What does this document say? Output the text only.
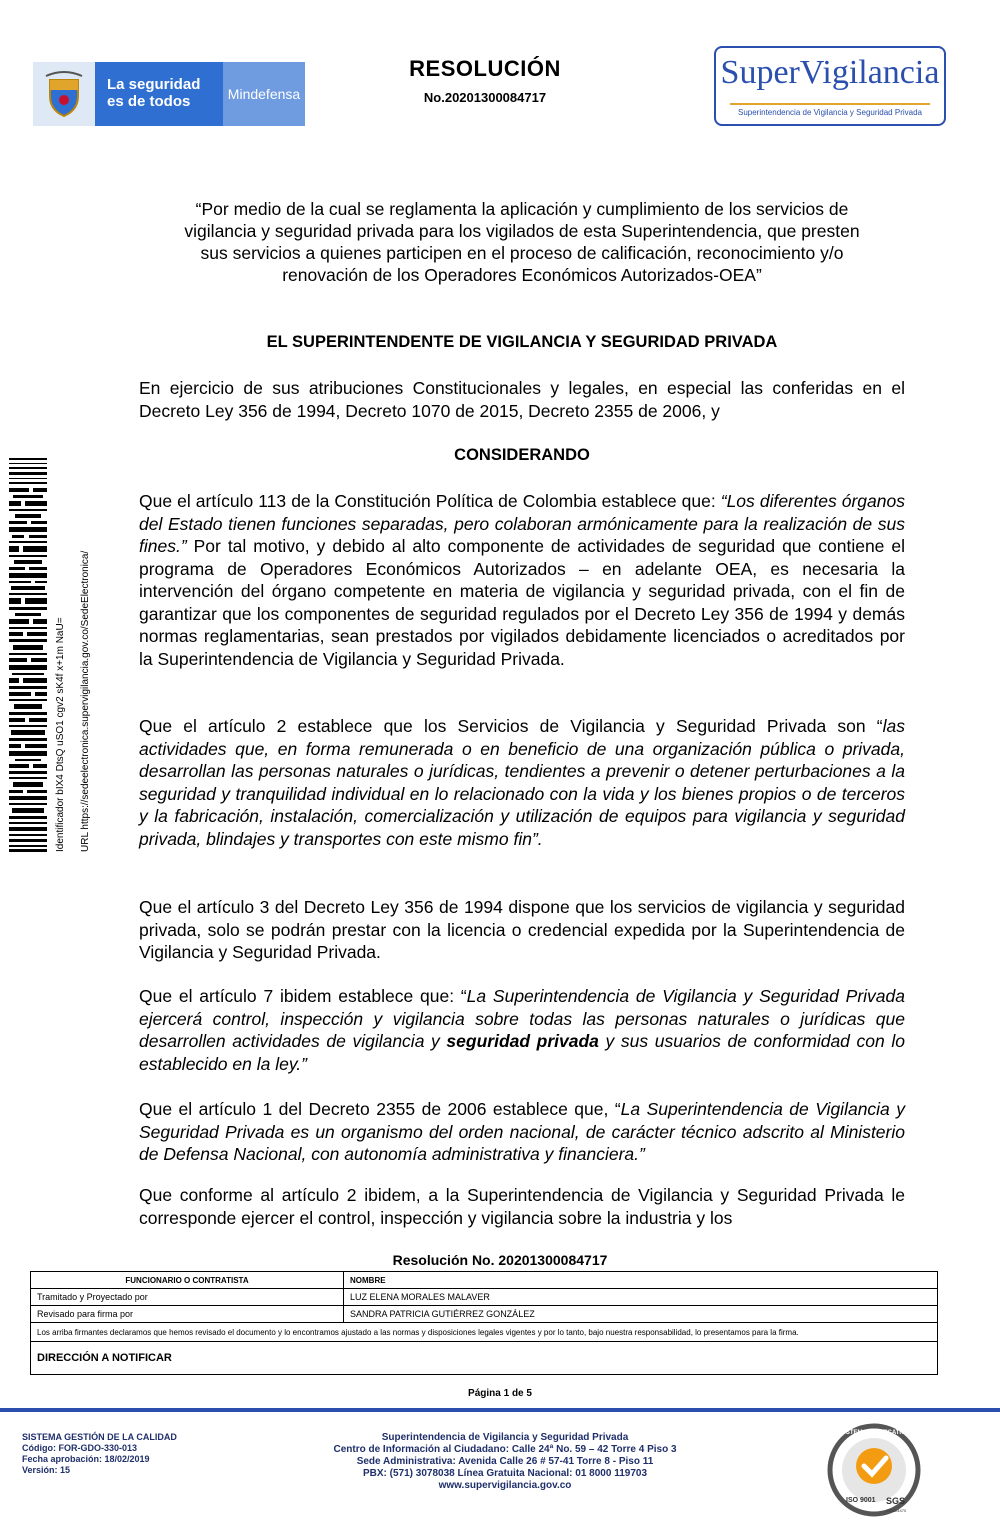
La seguridad
es de todos	Mindefensa
RESOLUCIÓN
No.20201300084717
SuperVigilancia
Superintendencia de Vigilancia y Seguridad Privada
Identificador bIX4 DtsQ uSO1 cgv2 sK4f x+1m NaU= URL https://sedeelectronica.supervigilancia.gov.co/SedeElectronica/
“Por medio de la cual se reglamenta la aplicación y cumplimiento de los servicios de
vigilancia y seguridad privada para los vigilados de esta Superintendencia, que presten
sus servicios a quienes participen en el proceso de calificación, reconocimiento y/o
renovación de los Operadores Económicos Autorizados-OEA”
EL SUPERINTENDENTE DE VIGILANCIA Y SEGURIDAD PRIVADA
En ejercicio de sus atribuciones Constitucionales y legales, en especial las conferidas en el Decreto Ley 356 de 1994, Decreto 1070 de 2015, Decreto 2355 de 2006, y
CONSIDERANDO
Que el artículo 113 de la Constitución Política de Colombia establece que: “Los diferentes órganos del Estado tienen funciones separadas, pero colaboran armónicamente para la realización de sus fines.” Por tal motivo, y debido al alto componente de actividades de seguridad que contiene el programa de Operadores Económicos Autorizados – en adelante OEA, es necesaria la intervención del órgano competente en materia de vigilancia y seguridad privada, con el fin de garantizar que los componentes de seguridad regulados por el Decreto Ley 356 de 1994 y demás normas reglamentarias, sean prestados por vigilados debidamente licenciados o acreditados por la Superintendencia de Vigilancia y Seguridad Privada.
Que el artículo 2 establece que los Servicios de Vigilancia y Seguridad Privada son “las actividades que, en forma remunerada o en beneficio de una organización pública o privada, desarrollan las personas naturales o jurídicas, tendientes a prevenir o detener perturbaciones a la seguridad y tranquilidad individual en lo relacionado con la vida y los bienes propios o de terceros y la fabricación, instalación, comercialización y utilización de equipos para vigilancia y seguridad privada, blindajes y transportes con este mismo fin”.
Que el artículo 3 del Decreto Ley 356 de 1994 dispone que los servicios de vigilancia y seguridad privada, solo se podrán prestar con la licencia o credencial expedida por la Superintendencia de Vigilancia y Seguridad Privada.
Que el artículo 7 ibidem establece que: “La Superintendencia de Vigilancia y Seguridad Privada ejercerá control, inspección y vigilancia sobre todas las personas naturales o jurídicas que desarrollen actividades de vigilancia y seguridad privada y sus usuarios de conformidad con lo establecido en la ley.”
Que el artículo 1 del Decreto 2355 de 2006 establece que, “La Superintendencia de Vigilancia y Seguridad Privada es un organismo del orden nacional, de carácter técnico adscrito al Ministerio de Defensa Nacional, con autonomía administrativa y financiera.”
Que conforme al artículo 2 ibidem, a la Superintendencia de Vigilancia y Seguridad Privada le corresponde ejercer el control, inspección y vigilancia sobre la industria y los
Resolución No. 20201300084717
FUNCIONARIO O CONTRATISTA	NOMBRE
Tramitado y Proyectado por	LUZ ELENA MORALES MALAVER
Revisado para firma por	SANDRA PATRICIA GUTIÉRREZ GONZÁLEZ
Los arriba firmantes declaramos que hemos revisado el documento y lo encontramos ajustado a las normas y disposiciones legales vigentes y por lo tanto, bajo nuestra responsabilidad, lo presentamos para la firma.	
DIRECCIÓN A NOTIFICAR	
Página 1 de 5
SISTEMA GESTIÓN DE LA CALIDAD
Código: FOR-GDO-330-013
Fecha aprobación: 18/02/2019
Versión: 15
Superintendencia de Vigilancia y Seguridad Privada
Centro de Información al Ciudadano: Calle 24ª No. 59 – 42 Torre 4 Piso 3
Sede Administrativa: Avenida Calle 26 # 57-41 Torre 8 - Piso 11
PBX: (571) 3078038 Línea Gratuita Nacional: 01 8000 119703
www.supervigilancia.gov.co
SYSTEM CERTIFICATION
ISO 9001 SGS
CO11/4470
